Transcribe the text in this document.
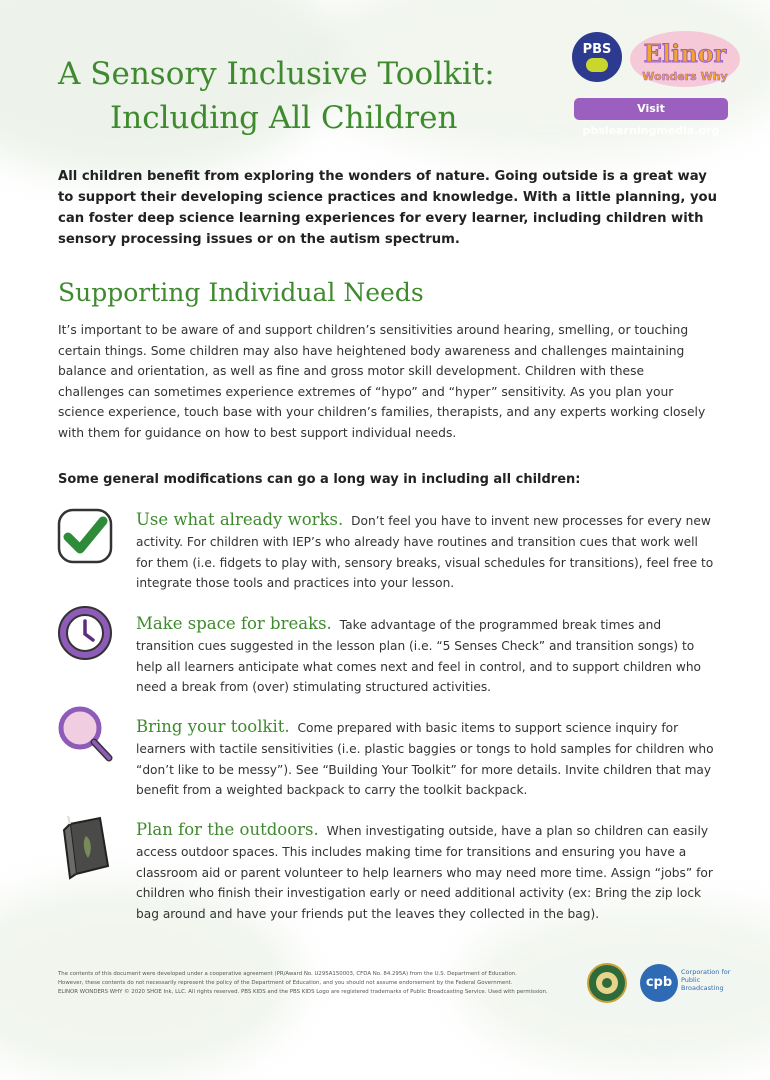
A Sensory Inclusive Toolkit:
Including All Children
PBS	Elinor
Wonders Why
Visit pbslearningmedia.org

All children benefit from exploring the wonders of nature. Going outside is a great way to support their developing science practices and knowledge. With a little planning, you can foster deep science learning experiences for every learner, including children with sensory processing issues or on the autism spectrum.

Supporting Individual Needs

It’s important to be aware of and support children’s sensitivities around hearing, smelling, or touching certain things. Some children may also have heightened body awareness and challenges maintaining balance and orientation, as well as fine and gross motor skill development. Children with these challenges can sometimes experience extremes of “hypo” and “hyper” sensitivity. As you plan your science experience, touch base with your children’s families, therapists, and any experts working closely with them for guidance on how to best support individual needs.

Some general modifications can go a long way in including all children:

Use what already works. Don’t feel you have to invent new processes for every new activity. For children with IEP’s who already have routines and transition cues that work well for them (i.e. fidgets to play with, sensory breaks, visual schedules for transitions), feel free to integrate those tools and practices into your lesson.

Make space for breaks. Take advantage of the programmed break times and transition cues suggested in the lesson plan (i.e. “5 Senses Check” and transition songs) to help all learners anticipate what comes next and feel in control, and to support children who need a break from (over) stimulating structured activities.

Bring your toolkit. Come prepared with basic items to support science inquiry for learners with tactile sensitivities (i.e. plastic baggies or tongs to hold samples for children who “don’t like to be messy”). See “Building Your Toolkit” for more details. Invite children that may benefit from a weighted backpack to carry the toolkit backpack.

Plan for the outdoors. When investigating outside, have a plan so children can easily access outdoor spaces. This includes making time for transitions and ensuring you have a classroom aid or parent volunteer to help learners who may need more time. Assign “jobs” for children who finish their investigation early or need additional activity (ex: Bring the zip lock bag around and have your friends put the leaves they collected in the bag).

The contents of this document were developed under a cooperative agreement (PR/Award No. U295A150003, CFDA No. 84.295A) from the U.S. Department of Education.
However, these contents do not necessarily represent the policy of the Department of Education, and you should not assume endorsement by the Federal Government.
ELINOR WONDERS WHY © 2020 SHOE Ink, LLC. All rights reserved. PBS KIDS and the PBS KIDS Logo are registered trademarks of Public Broadcasting Service. Used with permission.

cpb

Corporation for Public Broadcasting
